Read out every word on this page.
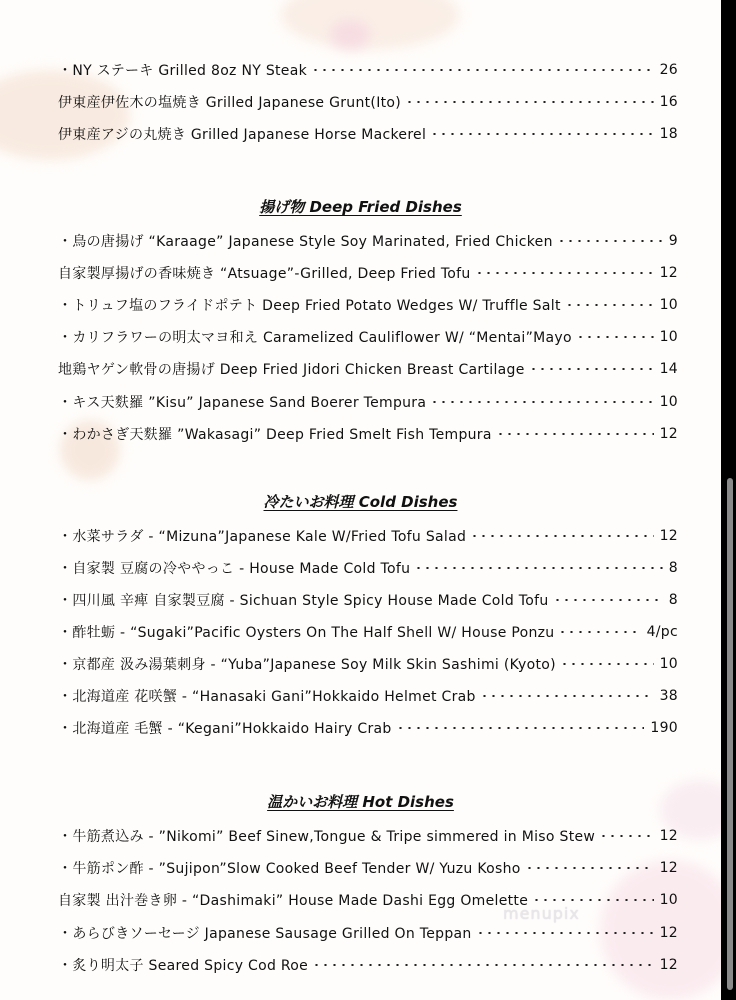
・ NY ステーキ Grilled 8oz NY Steak	26
伊東産伊佐木の塩焼き Grilled Japanese Grunt(Ito)	16
伊東産アジの丸焼き Grilled Japanese Horse Mackerel	18
揚げ物 Deep Fried Dishes
・ 鳥の唐揚げ “Karaage” Japanese Style Soy Marinated, Fried Chicken	9
自家製厚揚げの香味焼き “Atsuage”-Grilled, Deep Fried Tofu	12
・ トリュフ塩のフライドポテト Deep Fried Potato Wedges W/ Truffle Salt	10
・ カリフラワーの明太マヨ和え Caramelized Cauliflower W/ “Mentai”Mayo	10
地鶏ヤゲン軟骨の唐揚げ Deep Fried Jidori Chicken Breast Cartilage	14
・ キス天麩羅 ”Kisu” Japanese Sand Boerer Tempura	10
・ わかさぎ天麩羅 ”Wakasagi” Deep Fried Smelt Fish Tempura	12
冷たいお料理 Cold Dishes
・ 水菜サラダ - “Mizuna”Japanese Kale W/Fried Tofu Salad	12
・ 自家製 豆腐の冷ややっこ - House Made Cold Tofu	8
・ 四川風 辛痺 自家製豆腐 - Sichuan Style Spicy House Made Cold Tofu	8
・ 酢牡蛎 - “Sugaki”Pacific Oysters On The Half Shell W/ House Ponzu	4/pc
・ 京都産 汲み湯葉刺身 - “Yuba”Japanese Soy Milk Skin Sashimi (Kyoto)	10
・ 北海道産 花咲蟹 - “Hanasaki Gani”Hokkaido Helmet Crab	38
・ 北海道産 毛蟹 - “Kegani”Hokkaido Hairy Crab	190
温かいお料理 Hot Dishes
・ 牛筋煮込み - ”Nikomi” Beef Sinew,Tongue & Tripe simmered in Miso Stew	12
・ 牛筋ポン酢 - ”Sujipon”Slow Cooked Beef Tender W/ Yuzu Kosho	12
自家製 出汁巻き卵 - “Dashimaki” House Made Dashi Egg Omelette	10
・ あらびきソーセージ Japanese Sausage Grilled On Teppan	12
・ 炙り明太子 Seared Spicy Cod Roe	12
menupix
